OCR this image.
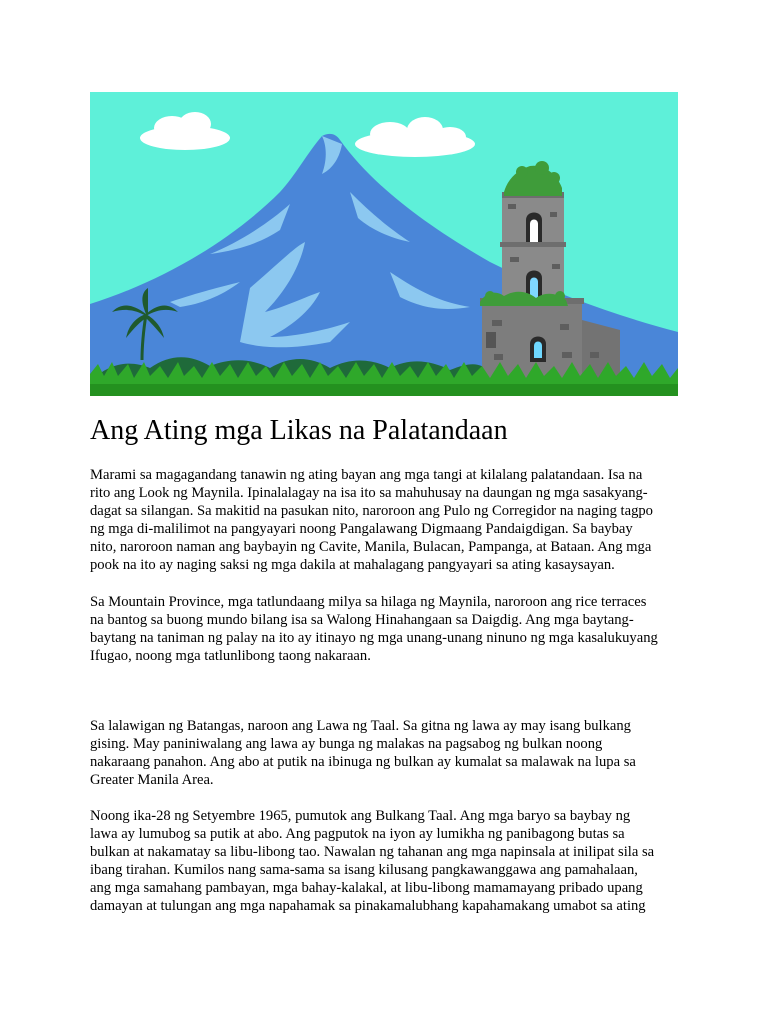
Ang Ating mga Likas na Palatandaan

Marami sa magagandang tanawin ng ating bayan ang mga tangi at kilalang palatandaan. Isa na
rito ang Look ng Maynila. Ipinalalagay na isa ito sa mahuhusay na daungan ng mga sasakyang-
dagat sa silangan. Sa makitid na pasukan nito, naroroon ang Pulo ng Corregidor na naging tagpo
ng mga di-malilimot na pangyayari noong Pangalawang Digmaang Pandaigdigan. Sa baybay
nito, naroroon naman ang baybayin ng Cavite, Manila, Bulacan, Pampanga, at Bataan. Ang mga
pook na ito ay naging saksi ng mga dakila at mahalagang pangyayari sa ating kasaysayan.

Sa Mountain Province, mga tatlundaang milya sa hilaga ng Maynila, naroroon ang rice terraces
na bantog sa buong mundo bilang isa sa Walong Hinahangaan sa Daigdig. Ang mga baytang-
baytang na taniman ng palay na ito ay itinayo ng mga unang-unang ninuno ng mga kasalukuyang
Ifugao, noong mga tatlunlibong taong nakaraan.

Sa lalawigan ng Batangas, naroon ang Lawa ng Taal. Sa gitna ng lawa ay may isang bulkang
gising. May paniniwalang ang lawa ay bunga ng malakas na pagsabog ng bulkan noong
nakaraang panahon. Ang abo at putik na ibinuga ng bulkan ay kumalat sa malawak na lupa sa
Greater Manila Area.

Noong ika-28 ng Setyembre 1965, pumutok ang Bulkang Taal. Ang mga baryo sa baybay ng
lawa ay lumubog sa putik at abo. Ang pagputok na iyon ay lumikha ng panibagong butas sa
bulkan at nakamatay sa libu-libong tao. Nawalan ng tahanan ang mga napinsala at inilipat sila sa
ibang tirahan. Kumilos nang sama-sama sa isang kilusang pangkawanggawa ang pamahalaan,
ang mga samahang pambayan, mga bahay-kalakal, at libu-libong mamamayang pribado upang
damayan at tulungan ang mga napahamak sa pinakamalubhang kapahamakang umabot sa ating
